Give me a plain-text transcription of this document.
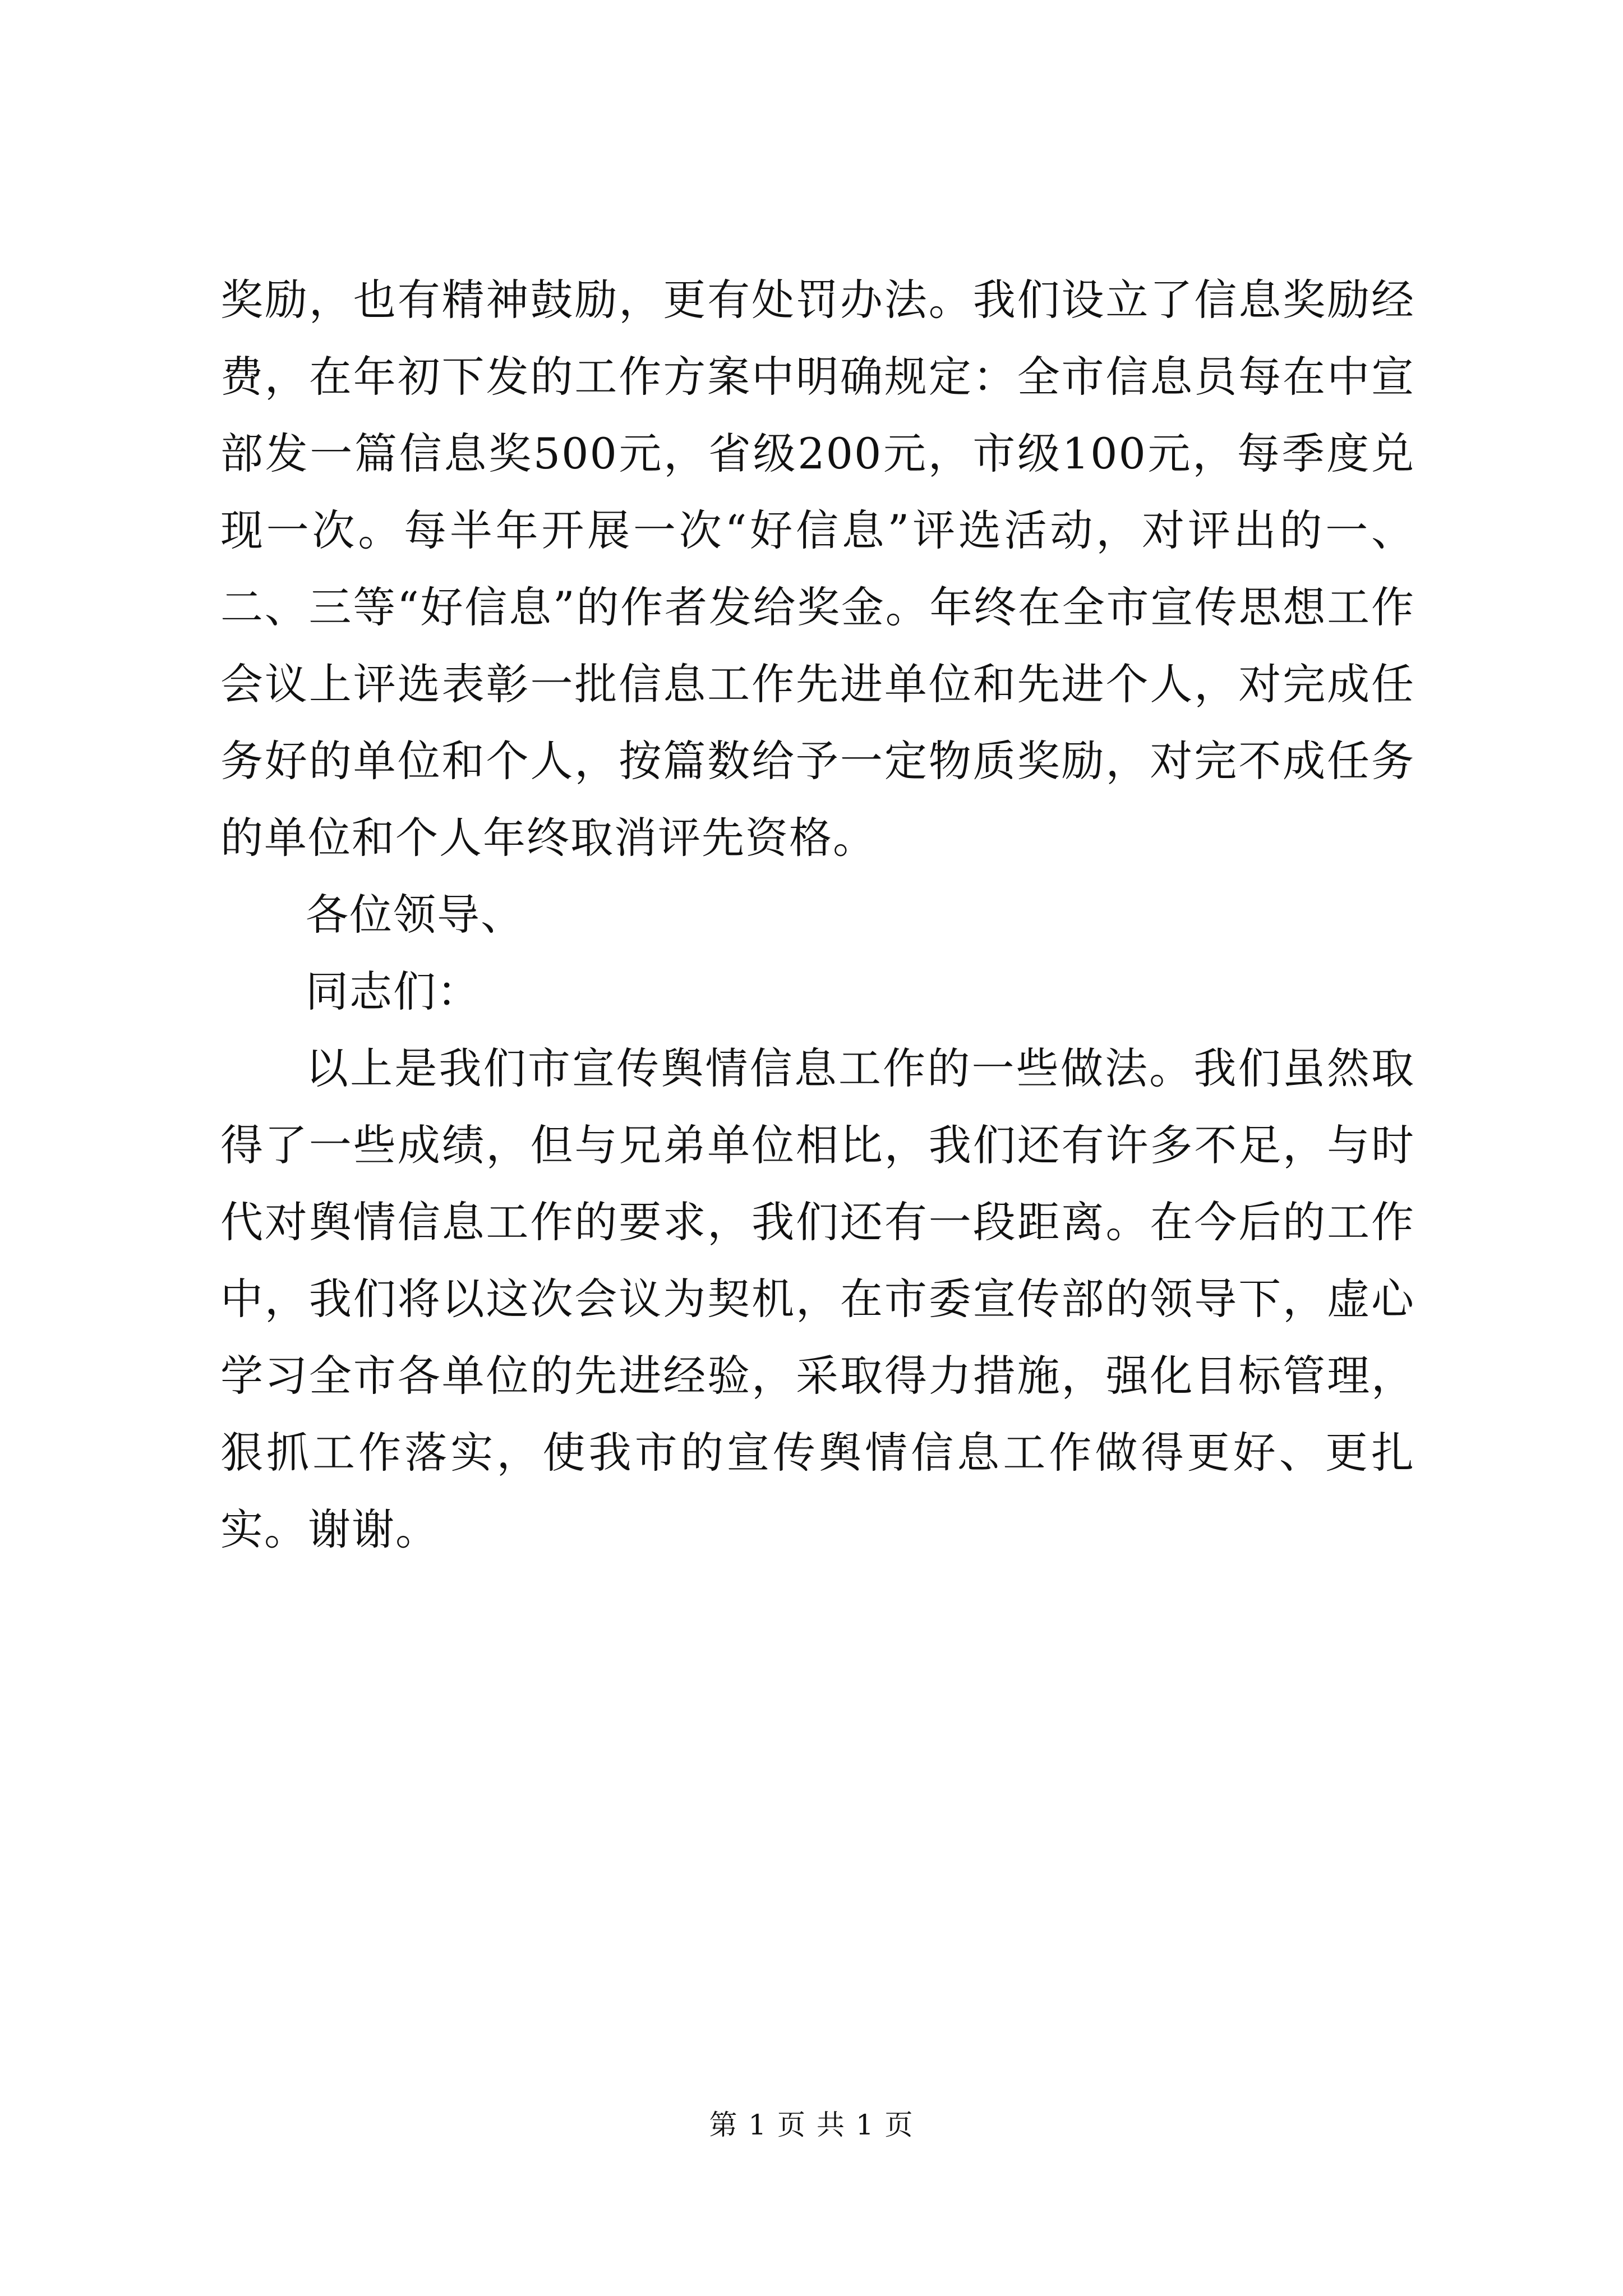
奖励，也有精神鼓励，更有处罚办法。我们设立了信息奖励经费，在年初下发的工作方案中明确规定：全市信息员每在中宣部发一篇信息奖500元，省级200元，市级100元，每季度兑现一次。每半年开展一次“好信息”评选活动，对评出的一、二、三等“好信息”的作者发给奖金。年终在全市宣传思想工作会议上评选表彰一批信息工作先进单位和先进个人，对完成任务好的单位和个人，按篇数给予一定物质奖励，对完不成任务的单位和个人年终取消评先资格。

各位领导、

同志们：

以上是我们市宣传舆情信息工作的一些做法。我们虽然取得了一些成绩，但与兄弟单位相比，我们还有许多不足，与时代对舆情信息工作的要求，我们还有一段距离。在今后的工作中，我们将以这次会议为契机，在市委宣传部的领导下，虚心学习全市各单位的先进经验，采取得力措施，强化目标管理，狠抓工作落实，使我市的宣传舆情信息工作做得更好、更扎实。谢谢。

第 1 页 共 1 页
